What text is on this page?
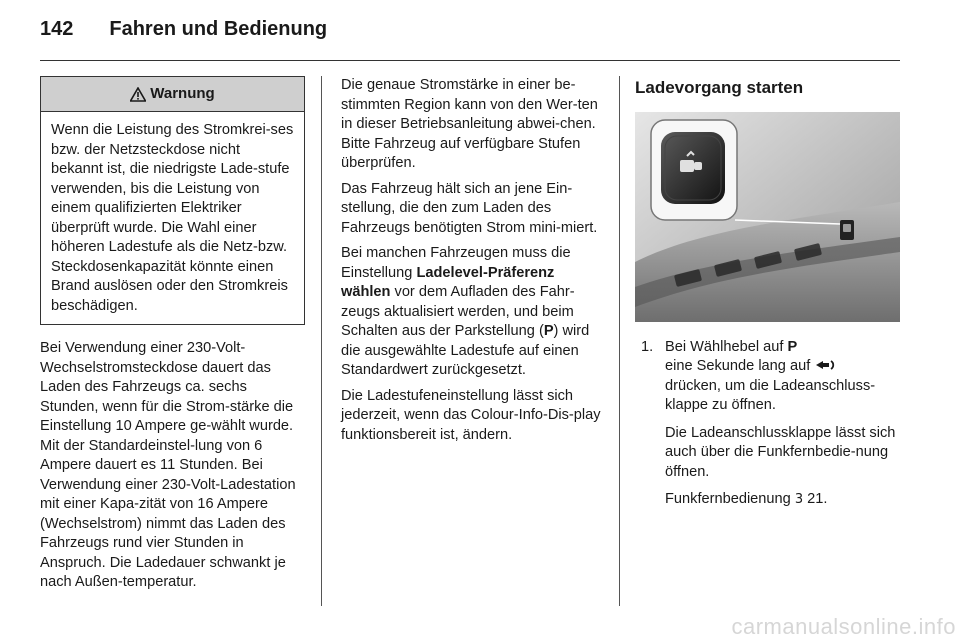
142 Fahren und Bedienung
Warnung
Wenn die Leistung des Stromkrei-ses bzw. der Netzsteckdose nicht bekannt ist, die niedrigste Lade-stufe verwenden, bis die Leistung von einem qualifizierten Elektriker überprüft wurde. Die Wahl einer höheren Ladestufe als die Netz-bzw. Steckdosenkapazität könnte einen Brand auslösen oder den Stromkreis beschädigen.

Bei Verwendung einer 230-Volt-Wechselstromsteckdose dauert das Laden des Fahrzeugs ca. sechs Stunden, wenn für die Strom-stärke die Einstellung 10 Ampere ge-wählt wurde. Mit der Standardeinstel-lung von 6 Ampere dauert es 11 Stunden. Bei Verwendung einer 230-Volt-Ladestation mit einer Kapa-zität von 16 Ampere (Wechselstrom) nimmt das Laden des Fahrzeugs rund vier Stunden in Anspruch. Die Ladedauer schwankt je nach Außen-temperatur.

Die genaue Stromstärke in einer be-stimmten Region kann von den Wer-ten in dieser Betriebsanleitung abwei-chen. Bitte Fahrzeug auf verfügbare Stufen überprüfen.

Das Fahrzeug hält sich an jene Ein-stellung, die den zum Laden des Fahrzeugs benötigten Strom mini-miert.

Bei manchen Fahrzeugen muss die Einstellung Ladelevel-Präferenz wählen vor dem Aufladen des Fahr-zeugs aktualisiert werden, und beim Schalten aus der Parkstellung (P) wird die ausgewählte Ladestufe auf einen Standardwert zurückgesetzt.

Die Ladestufeneinstellung lässt sich jederzeit, wenn das Colour-Info-Dis-play funktionsbereit ist, ändern.

Ladevorgang starten
1. Bei Wählhebel auf P
eine Sekunde lang auf
drücken, um die Ladeanschluss-klappe zu öffnen.

Die Ladeanschlussklappe lässt sich auch über die Funkfernbedie-nung öffnen.

Funkfernbedienung 3 21.

carmanualsonline.info
